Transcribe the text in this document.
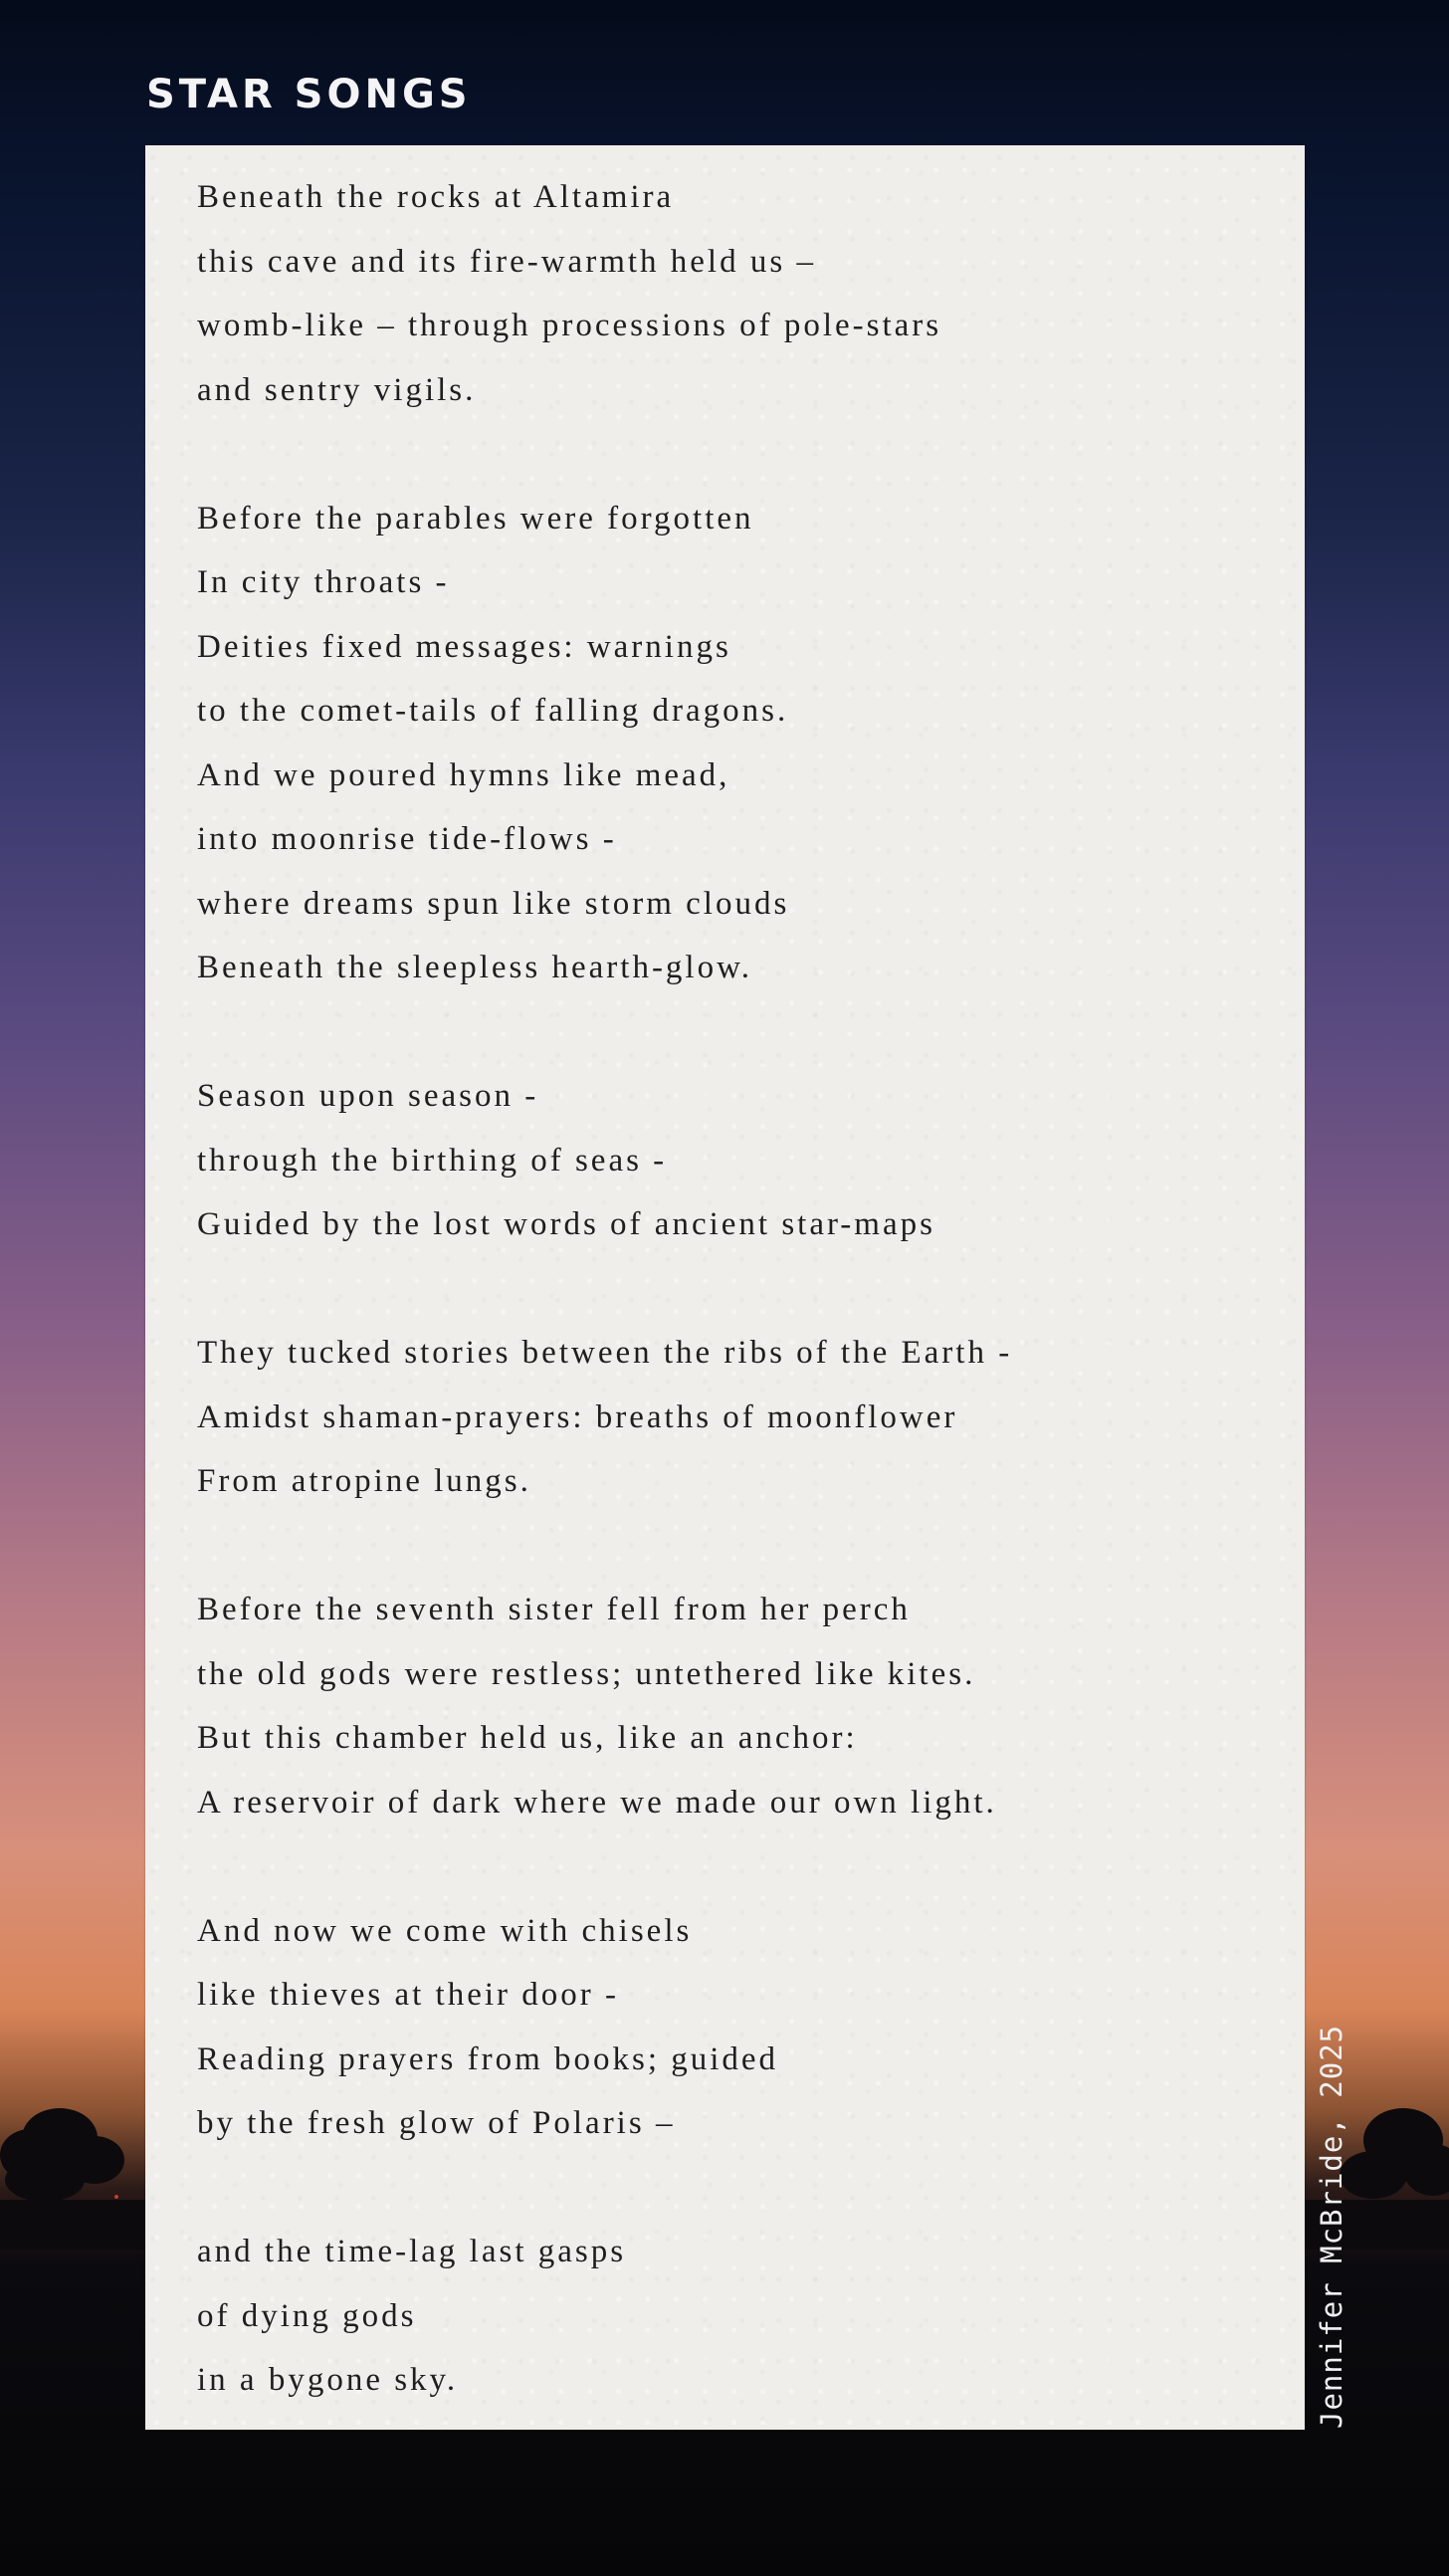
STAR SONGS
Beneath the rocks at Altamira
this cave and its fire-warmth held us –
womb-like – through processions of pole-stars
and sentry vigils.
Before the parables were forgotten
In city throats -
Deities fixed messages: warnings
to the comet-tails of falling dragons.
And we poured hymns like mead,
into moonrise tide-flows -
where dreams spun like storm clouds
Beneath the sleepless hearth-glow.
Season upon season -
through the birthing of seas -
Guided by the lost words of ancient star-maps
They tucked stories between the ribs of the Earth -
Amidst shaman-prayers: breaths of moonflower
From atropine lungs.
Before the seventh sister fell from her perch
the old gods were restless; untethered like kites.
But this chamber held us, like an anchor:
A reservoir of dark where we made our own light.
And now we come with chisels
like thieves at their door -
Reading prayers from books; guided
by the fresh glow of Polaris –
and the time-lag last gasps
of dying gods
in a bygone sky.	Jennifer McBride, 2025
